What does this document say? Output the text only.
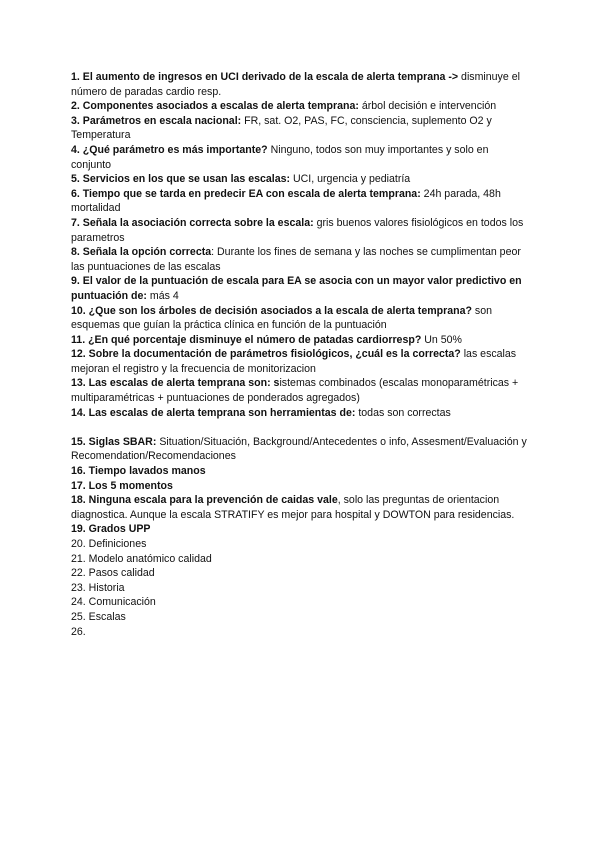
1. El aumento de ingresos en UCI derivado de la escala de alerta temprana -> disminuye el número de paradas cardio resp.

2. Componentes asociados a escalas de alerta temprana: árbol decisión e intervención

3. Parámetros en escala nacional: FR, sat. O2, PAS, FC, consciencia, suplemento O2 y Temperatura

4. ¿Qué parámetro es más importante? Ninguno, todos son muy importantes y solo en conjunto

5. Servicios en los que se usan las escalas: UCI, urgencia y pediatría

6. Tiempo que se tarda en predecir EA con escala de alerta temprana: 24h parada, 48h mortalidad

7. Señala la asociación correcta sobre la escala: gris buenos valores fisiológicos en todos los parametros

8. Señala la opción correcta: Durante los fines de semana y las noches se cumplimentan peor las puntuaciones de las escalas

9. El valor de la puntuación de escala para EA se asocia con un mayor valor predictivo en puntuación de: más 4

10. ¿Que son los árboles de decisión asociados a la escala de alerta temprana? son esquemas que guían la práctica clínica en función de la puntuación

11. ¿En qué porcentaje disminuye el número de patadas cardiorresp? Un 50%

12. Sobre la documentación de parámetros fisiológicos, ¿cuál es la correcta? las escalas mejoran el registro y la frecuencia de monitorizacion

13. Las escalas de alerta temprana son: sistemas combinados (escalas monoparamétricas + multiparamétricas + puntuaciones de ponderados agregados)

14. Las escalas de alerta temprana son herramientas de: todas son correctas

15. Siglas SBAR: Situation/Situación, Background/Antecedentes o info, Assesment/Evaluación y Recomendation/Recomendaciones

16. Tiempo lavados manos

17. Los 5 momentos

18. Ninguna escala para la prevención de caidas vale, solo las preguntas de orientacion diagnostica. Aunque la escala STRATIFY es mejor para hospital y DOWTON para residencias.

19. Grados UPP

20. Definiciones

21. Modelo anatómico calidad

22. Pasos calidad

23. Historia

24. Comunicación

25. Escalas

26.
